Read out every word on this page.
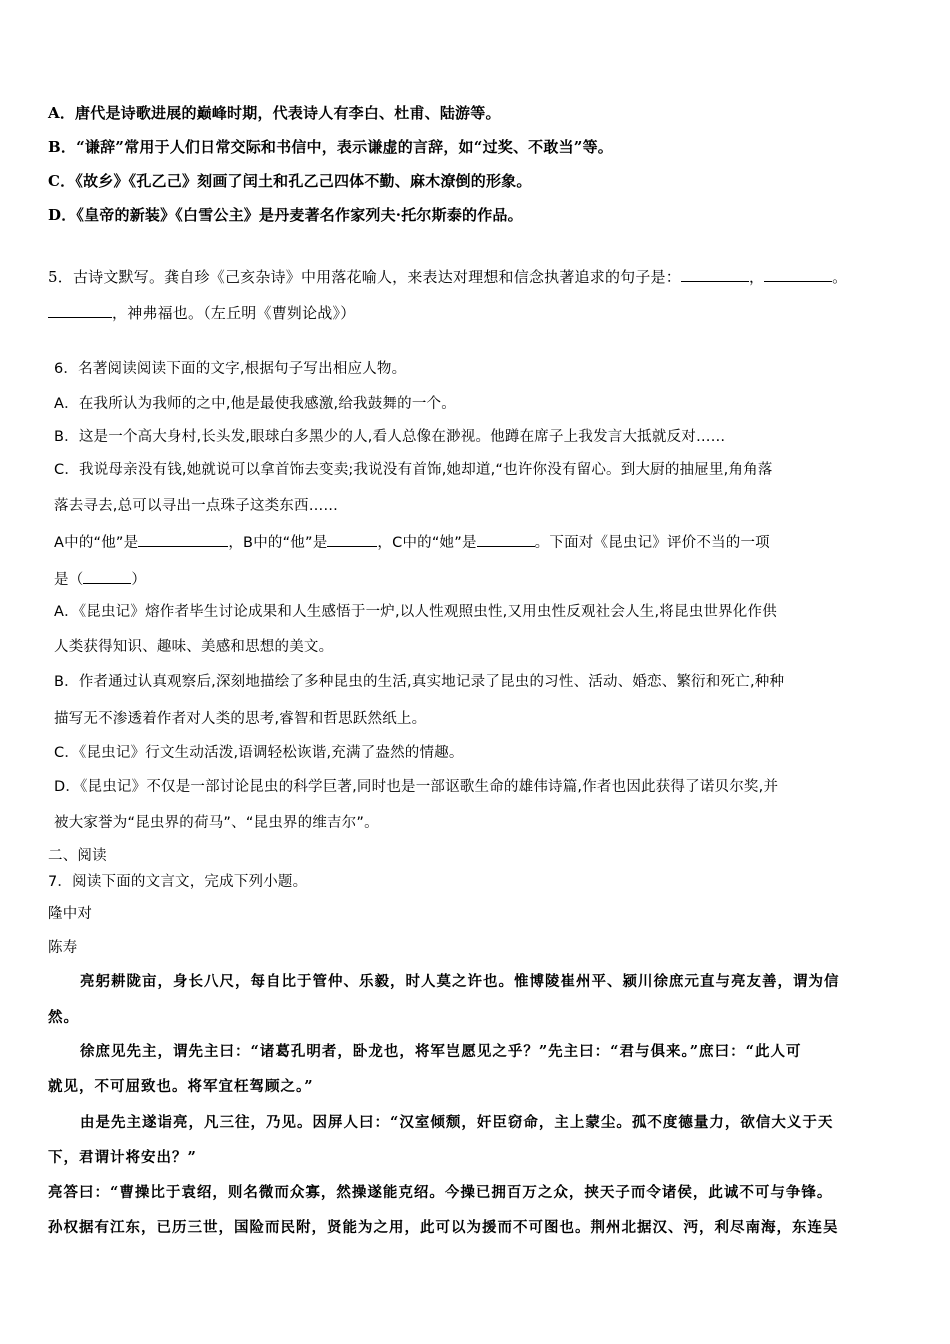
A．唐代是诗歌进展的巅峰时期，代表诗人有李白、杜甫、陆游等。
B．“谦辞”常用于人们日常交际和书信中，表示谦虚的言辞，如“过奖、不敢当”等。
C．《故乡》《孔乙己》刻画了闰土和孔乙己四体不勤、麻木潦倒的形象。
D．《皇帝的新装》《白雪公主》是丹麦著名作家列夫·托尔斯泰的作品。
5．古诗文默写。龚自珍《己亥杂诗》中用落花喻人，来表达对理想和信念执著追求的句子是：	，	。
，神弗福也。（左丘明《曹刿论战》）
6．名著阅读阅读下面的文字,根据句子写出相应人物。
A．在我所认为我师的之中,他是最使我感激,给我鼓舞的一个。
B．这是一个高大身村,长头发,眼球白多黑少的人,看人总像在渺视。他蹲在席子上我发言大抵就反对……
C．我说母亲没有钱,她就说可以拿首饰去变卖;我说没有首饰,她却道,“也许你没有留心。到大厨的抽屉里,角角落
落去寻去,总可以寻出一点珠子这类东西……
A中的“他”是	，B中的“他”是	，C中的“她”是	。下面对《昆虫记》评价不当的一项
是（	）
A．《昆虫记》熔作者毕生讨论成果和人生感悟于一炉,以人性观照虫性,又用虫性反观社会人生,将昆虫世界化作供
人类获得知识、趣味、美感和思想的美文。
B．作者通过认真观察后,深刻地描绘了多种昆虫的生活,真实地记录了昆虫的习性、活动、婚恋、繁衍和死亡,种种
描写无不渗透着作者对人类的思考,睿智和哲思跃然纸上。
C．《昆虫记》行文生动活泼,语调轻松诙谐,充满了盎然的情趣。
D．《昆虫记》不仅是一部讨论昆虫的科学巨著,同时也是一部讴歌生命的雄伟诗篇,作者也因此获得了诺贝尔奖,并
被大家誉为“昆虫界的荷马”、“昆虫界的维吉尔”。
二、阅读
7．阅读下面的文言文，完成下列小题。
隆中对
陈寿
亮躬耕陇亩，身长八尺，每自比于管仲、乐毅，时人莫之许也。惟博陵崔州平、颍川徐庶元直与亮友善，谓为信
然。
徐庶见先主，谓先主曰：“诸葛孔明者，卧龙也，将军岂愿见之乎？”先主曰：“君与俱来。”庶曰：“此人可
就见，不可屈致也。将军宜枉驾顾之。”
由是先主遂诣亮，凡三往，乃见。因屏人曰：“汉室倾颓，奸臣窃命，主上蒙尘。孤不度德量力，欲信大义于天
下，君谓计将安出？”
亮答曰：“曹操比于袁绍，则名微而众寡，然操遂能克绍。今操已拥百万之众，挟天子而令诸侯，此诚不可与争锋。
孙权据有江东，已历三世，国险而民附，贤能为之用，此可以为援而不可图也。荆州北据汉、沔，利尽南海，东连吴
